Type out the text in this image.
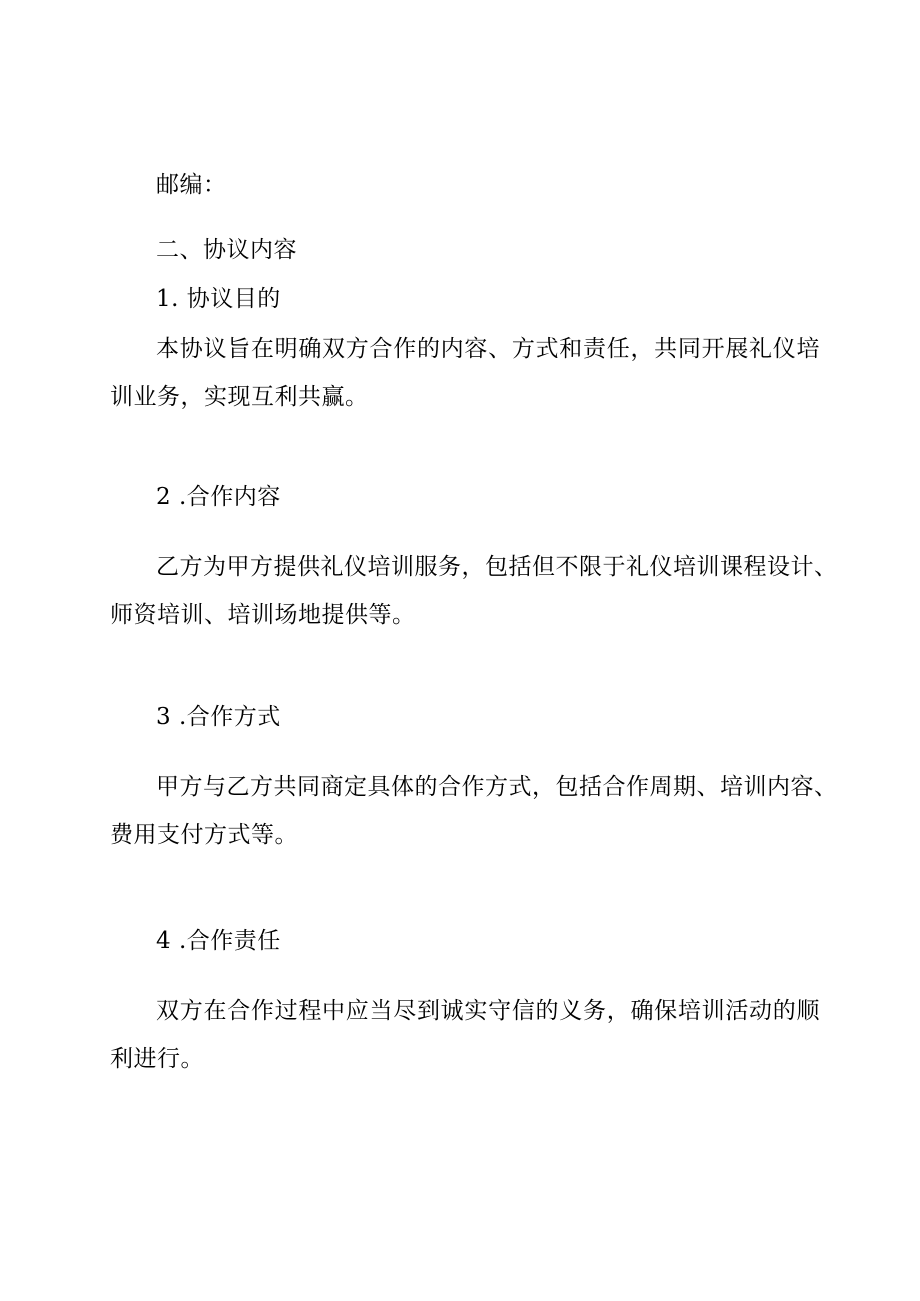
邮编：
二、协议内容
1. 协议目的
本协议旨在明确双方合作的内容、方式和责任，共同开展礼仪培
训业务，实现互利共赢。
2 .合作内容
乙方为甲方提供礼仪培训服务，包括但不限于礼仪培训课程设计、
师资培训、培训场地提供等。
3 .合作方式
甲方与乙方共同商定具体的合作方式，包括合作周期、培训内容、
费用支付方式等。
4 .合作责任
双方在合作过程中应当尽到诚实守信的义务，确保培训活动的顺
利进行。
